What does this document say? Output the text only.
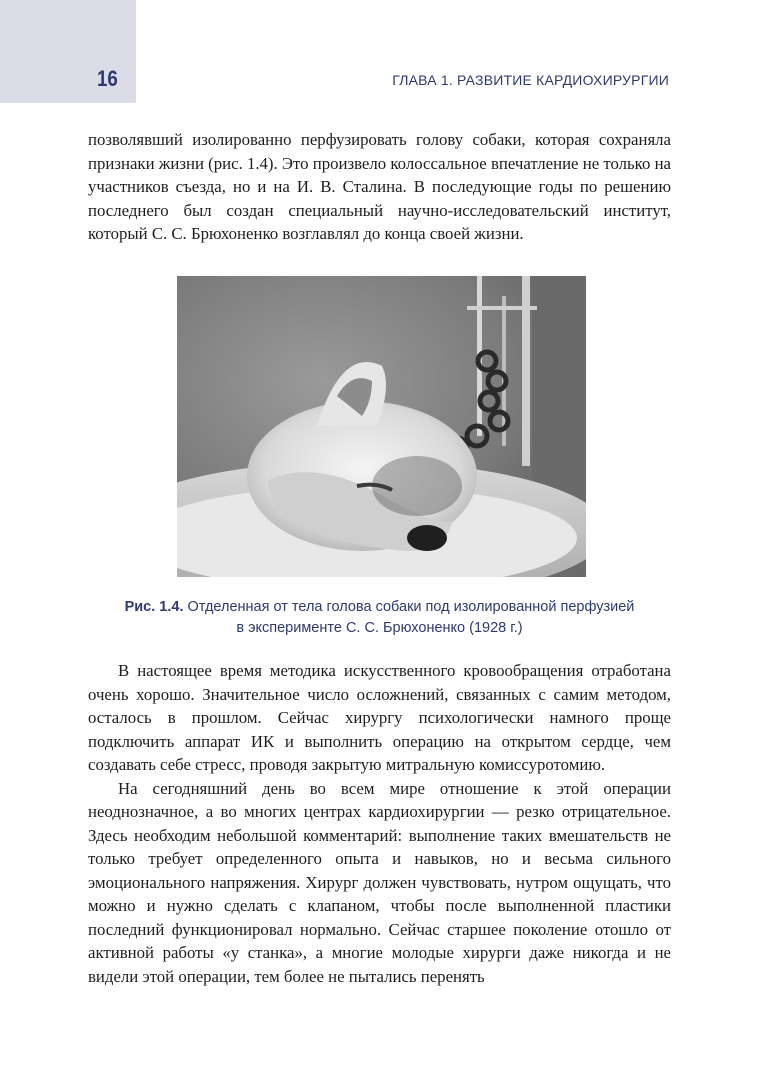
16	ГЛАВА 1. РАЗВИТИЕ КАРДИОХИРУРГИИ

позволявший изолированно перфузировать голову собаки, которая сохраняла признаки жизни (рис. 1.4). Это произвело колоссальное впечатление не только на участников съезда, но и на И. В. Сталина. В последующие годы по решению последнего был создан специальный научно-исследовательский институт, который С. С. Брюхоненко возглавлял до конца своей жизни.

Рис. 1.4. Отделенная от тела голова собаки под изолированной перфузией
в эксперименте С. С. Брюхоненко (1928 г.)

В настоящее время методика искусственного кровообращения отработана очень хорошо. Значительное число осложнений, связанных с самим методом, осталось в прошлом. Сейчас хирургу психологически намного проще подключить аппарат ИК и выполнить операцию на открытом сердце, чем создавать себе стресс, проводя закрытую митральную комиссуротомию.

На сегодняшний день во всем мире отношение к этой операции неоднозначное, а во многих центрах кардиохирургии — резко отрицательное. Здесь необходим небольшой комментарий: выполнение таких вмешательств не только требует определенного опыта и навыков, но и весьма сильного эмоционального напряжения. Хирург должен чувствовать, нутром ощущать, что можно и нужно сделать с клапаном, чтобы после выполненной пластики последний функционировал нормально. Сейчас старшее поколение отошло от активной работы «у станка», а многие молодые хирурги даже никогда и не видели этой операции, тем более не пытались перенять
